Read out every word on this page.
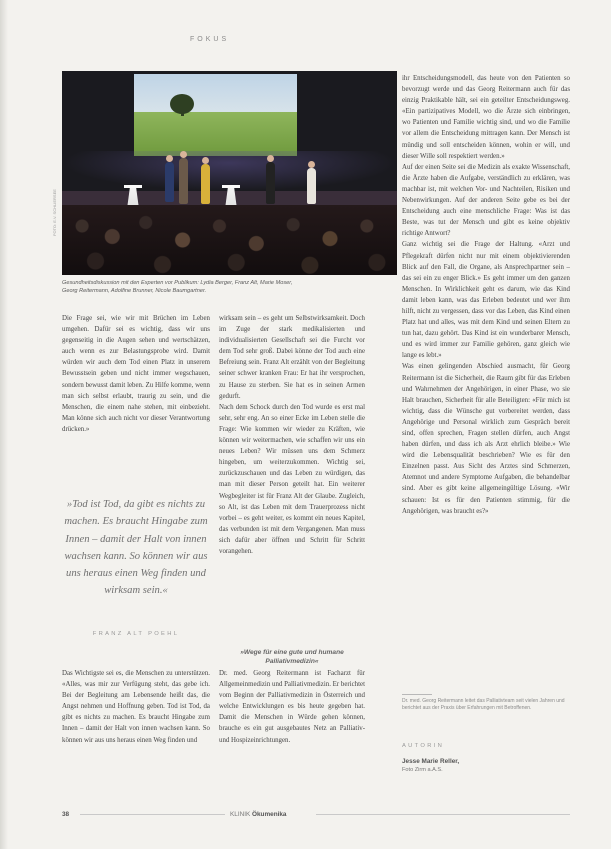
FOKUS
FOTO: E.V. SCHLIERSEE
Gesundheitsdiskussion mit den Experten vor Publikum: Lydia Berger, Franz Alt, Marie Moser, Georg Reitermann, Adolfine Brunner, Nicole Baumgartner.

Die Frage sei, wie wir mit Brüchen im Leben umgehen. Dafür sei es wichtig, dass wir uns gegenseitig in die Augen sehen und wertschätzen, auch wenn es zur Belastungsprobe wird. Damit würden wir auch dem Tod einen Platz in unserem Bewusstsein geben und nicht immer wegschauen, sondern bewusst damit leben. Zu Hilfe komme, wenn man sich selbst erlaubt, traurig zu sein, und die Menschen, die einem nahe stehen, mit einbezieht. Man könne sich auch nicht vor dieser Verantwortung drücken.»

»Tod ist Tod, da gibt es nichts zu machen. Es braucht Hingabe zum Innen – damit der Halt von innen wachsen kann. So können wir aus uns heraus einen Weg finden und wirksam sein.«
FRANZ ALT POEHL

Das Wichtigste sei es, die Menschen zu unterstützen. «Alles, was mir zur Verfügung steht, das gebe ich. Bei der Begleitung am Lebensende heißt das, die Angst nehmen und Hoffnung geben. Tod ist Tod, da gibt es nichts zu machen. Es braucht Hingabe zum Innen – damit der Halt von innen wachsen kann. So können wir aus uns heraus einen Weg finden und

wirksam sein – es geht um Selbstwirksamkeit. Doch im Zuge der stark medikalisierten und individualisierten Gesellschaft sei die Furcht vor dem Tod sehr groß. Dabei könne der Tod auch eine Befreiung sein. Franz Alt erzählt von der Begleitung seiner schwer kranken Frau: Er hat ihr versprochen, zu Hause zu sterben. Sie hat es in seinen Armen gedurft.

Nach dem Schock durch den Tod wurde es erst mal sehr, sehr eng. An so einer Ecke im Leben stelle die Frage: Wie kommen wir wieder zu Kräften, wie können wir weitermachen, wie schaffen wir uns ein neues Leben? Wir müssen uns dem Schmerz hingeben, um weiterzukommen. Wichtig sei, zurückzuschauen und das Leben zu würdigen, das man mit dieser Person geteilt hat. Ein weiterer Wegbegleiter ist für Franz Alt der Glaube. Zugleich, so Alt, ist das Leben mit dem Trauerprozess nicht vorbei – es geht weiter, es kommt ein neues Kapitel, das verbunden ist mit dem Vergangenen. Man muss sich dafür aber öffnen und Schritt für Schritt vorangehen.

»Wege für eine gute und humane Palliativmedizin«

Dr. med. Georg Reitermann ist Facharzt für Allgemeinmedizin und Palliativmedizin. Er berichtet vom Beginn der Palliativmedizin in Österreich und welche Entwicklungen es bis heute gegeben hat. Damit die Menschen in Würde gehen können, brauche es ein gut ausgebautes Netz an Palliativ- und Hospizeinrichtungen.

ihr Entscheidungsmodell, das heute von den Patienten so bevorzugt werde und das Georg Reitermann auch für das einzig Praktikable hält, sei ein geteilter Entscheidungsweg. «Ein partizipatives Modell, wo die Ärzte sich einbringen, wo Patienten und Familie wichtig sind, und wo die Familie vor allem die Entscheidung mittragen kann. Der Mensch ist mündig und soll entscheiden können, wohin er will, und dieser Wille soll respektiert werden.»

Auf der einen Seite sei die Medizin als exakte Wissenschaft, die Ärzte haben die Aufgabe, verständlich zu erklären, was machbar ist, mit welchen Vor- und Nachteilen, Risiken und Nebenwirkungen. Auf der anderen Seite gebe es bei der Entscheidung auch eine menschliche Frage: Was ist das Beste, was tut der Mensch und gibt es keine objektiv richtige Antwort?

Ganz wichtig sei die Frage der Haltung. «Arzt und Pflegekraft dürfen nicht nur mit einem objektivierenden Blick auf den Fall, die Organe, als Ansprechpartner sein – das sei ein zu enger Blick.» Es geht immer um den ganzen Menschen. In Wirklichkeit geht es darum, wie das Kind damit leben kann, was das Erleben bedeutet und wer ihm hilft, nicht zu vergessen, dass vor das Leben, das Kind einen Platz hat und alles, was mit dem Kind und seinen Eltern zu tun hat, dazu gehört. Das Kind ist ein wunderbarer Mensch, und es wird immer zur Familie gehören, ganz gleich wie lange es lebt.»

Was einen gelingenden Abschied ausmacht, für Georg Reitermann ist die Sicherheit, die Raum gibt für das Erleben und Wahrnehmen der Angehörigen, in einer Phase, wo sie Halt brauchen, Sicherheit für alle Beteiligten: «Für mich ist wichtig, dass die Wünsche gut vorbereitet werden, dass Angehörige und Personal wirklich zum Gespräch bereit sind, offen sprechen, Fragen stellen dürfen, auch Angst haben dürfen, und dass ich als Arzt ehrlich bleibe.» Wie wird die Lebensqualität beschrieben? Wie es für den Einzelnen passt. Aus Sicht des Arztes sind Schmerzen, Atemnot und andere Symptome Aufgaben, die behandelbar sind. Aber es gibt keine allgemeingültige Lösung. «Wir schauen: Ist es für den Patienten stimmig, für die Angehörigen, was braucht es?»

Dr. med. Georg Reitermann leitet das Palliativteam seit vielen Jahren und berichtet aus der Praxis über Erfahrungen mit Betroffenen.
AUTORIN
Jesse Marie Reller,
Foto Zirm a.A.S.
38	KLINIK Ökumenika
